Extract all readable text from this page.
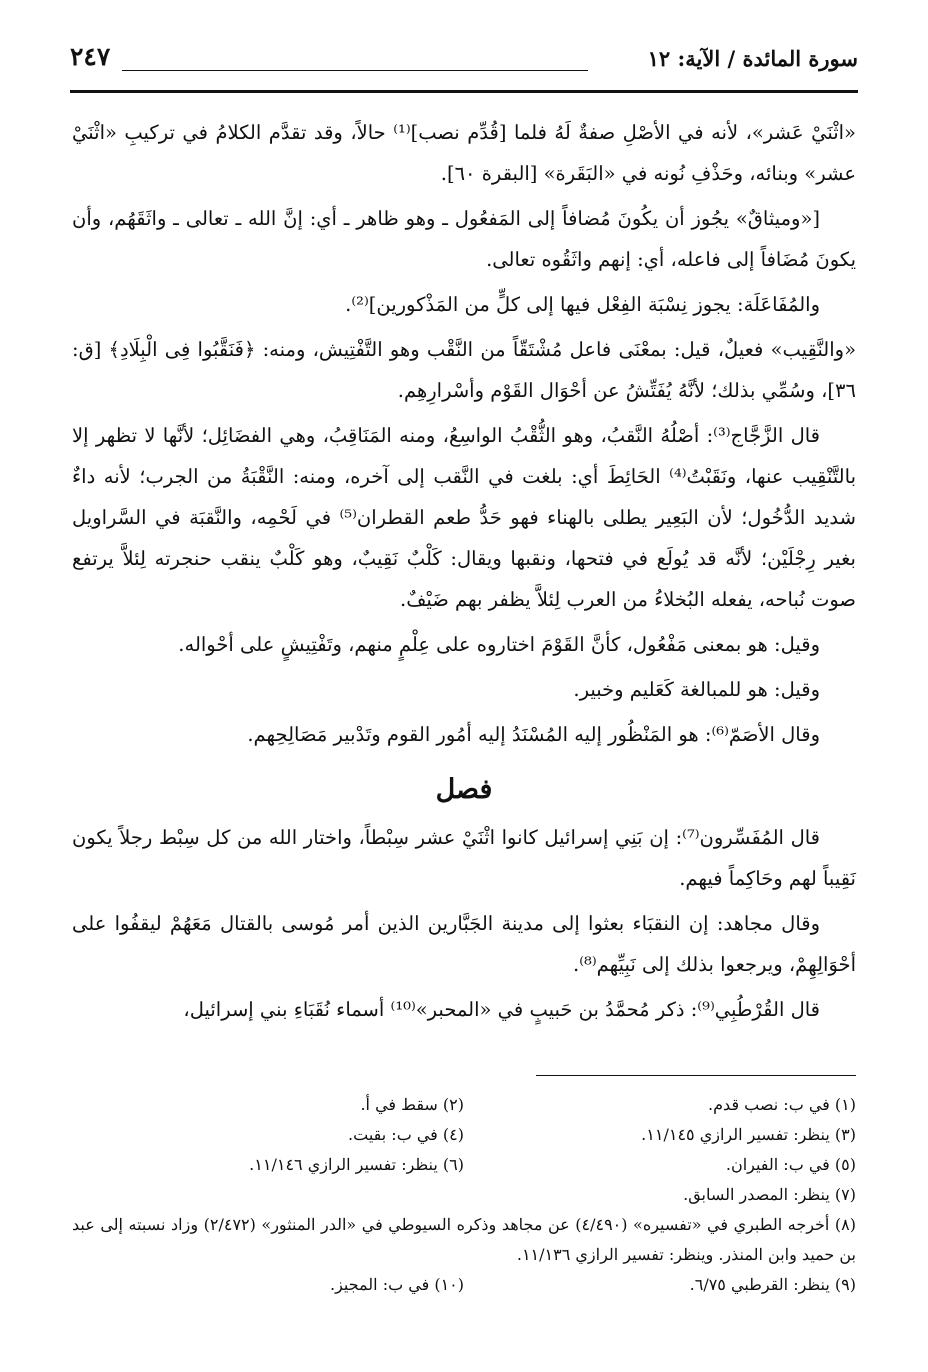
سورة المائدة / الآية: ١٢
٢٤٧

«اثْنَيْ عَشر»، لأنه في الأصْلِ صفةٌ لَهُ فلما [قُدِّم نصب]⁽¹⁾ حالاً، وقد تقدَّم الكلامُ في تركيبِ «اثْنَيْ عشر» وبنائه، وحَذْفِ نُونه في «البَقَرة» [البقرة ٦٠].

[«وميثاقٌ» يجُوز أن يكُونَ مُضافاً إلى المَفعُول ـ وهو ظاهر ـ أي: إنَّ الله ـ تعالى ـ واثَقَهُم، وأن يكونَ مُضَافاً إلى فاعله، أي: إنهم واثَقُوه تعالى.

والمُفَاعَلَة: يجوز نِسْبَة الفِعْل فيها إلى كلٍّ من المَذْكورين]⁽²⁾.

«والنَّقِيب» فعيلٌ، قيل: بمعْنَى فاعل مُشْتَقّاً من النَّقْب وهو التَّفْتِيش، ومنه: ﴿فَنَقَّبُوا فِى الْبِلَادِ﴾ [ق: ٣٦]، وسُمِّي بذلك؛ لأنَّهُ يُفَتِّشُ عن أحْوَال القَوْم وأسْرارِهِم.

قال الزَّجَّاج⁽³⁾: أصْلُهُ النَّقبُ، وهو الثُّقْبُ الواسِعُ، ومنه المَنَاقِبُ، وهي الفضَائِل؛ لأنَّها لا تظهر إلا بالتَّنْقِيب عنها، ونَقَبْتُ⁽⁴⁾ الحَائِطَ أي: بلغت في النَّقب إلى آخره، ومنه: النَّقْبَةُ من الجرب؛ لأنه داءٌ شديد الدُّخُول؛ لأن البَعِير يطلى بالهناء فهو حَدُّ طعم القطران⁽⁵⁾ في لَحْمِه، والنَّقبَة في السَّراويل بغير رِجْلَيْن؛ لأنَّه قد يُولَع في فتحها، ونقبها ويقال: كَلْبٌ نَقِيبٌ، وهو كَلْبٌ ينقب حنجرته لِئلاَّ يرتفع صوت نُباحه، يفعله البُخلاءُ من العرب لِئلاَّ يظفر بهم ضَيْفٌ.

وقيل: هو بمعنى مَفْعُول، كأنَّ القَوْمَ اختاروه على عِلْمٍ منهم، وتَفْتِيشٍ على أحْواله.

وقيل: هو للمبالغة كَعَليم وخبير.

وقال الأصَمّ⁽⁶⁾: هو المَنْظُور إليه المُسْنَدُ إليه أمُور القوم وتَدْبير مَصَالِحِهم.

فصل

قال المُفَسِّرون⁽⁷⁾: إن بَنِي إسرائيل كانوا اثْنَيْ عشر سِبْطاً، واختار الله من كل سِبْط رجلاً يكون نَقِيباً لهم وحَاكِماً فيهم.

وقال مجاهد: إن النقبَاء بعثوا إلى مدينة الجَبَّارين الذين أمر مُوسى بالقتال مَعَهُمْ ليقفُوا على أحْوَالِهِمْ، ويرجعوا بذلك إلى نَبِيِّهم⁽⁸⁾.

قال القُرْطُبِي⁽⁹⁾: ذكر مُحمَّدُ بن حَبيبٍ في «المحبر»⁽¹⁰⁾ أسماء نُقَبَاءِ بني إسرائيل،

(١) في ب: نصب قدم.
(٢) سقط في أ.
(٣) ينظر: تفسير الرازي ١١/١٤٥.
(٤) في ب: بقيت.
(٥) في ب: الفيران.
(٦) ينظر: تفسير الرازي ١١/١٤٦.
(٧) ينظر: المصدر السابق.
(٨) أخرجه الطبري في «تفسيره» (٤/٤٩٠) عن مجاهد وذكره السيوطي في «الدر المنثور» (٢/٤٧٢) وزاد نسبته إلى عبد بن حميد وابن المنذر. وينظر: تفسير الرازي ١١/١٣٦.
(٩) ينظر: القرطبي ٦/٧٥.
(١٠) في ب: المجيز.
